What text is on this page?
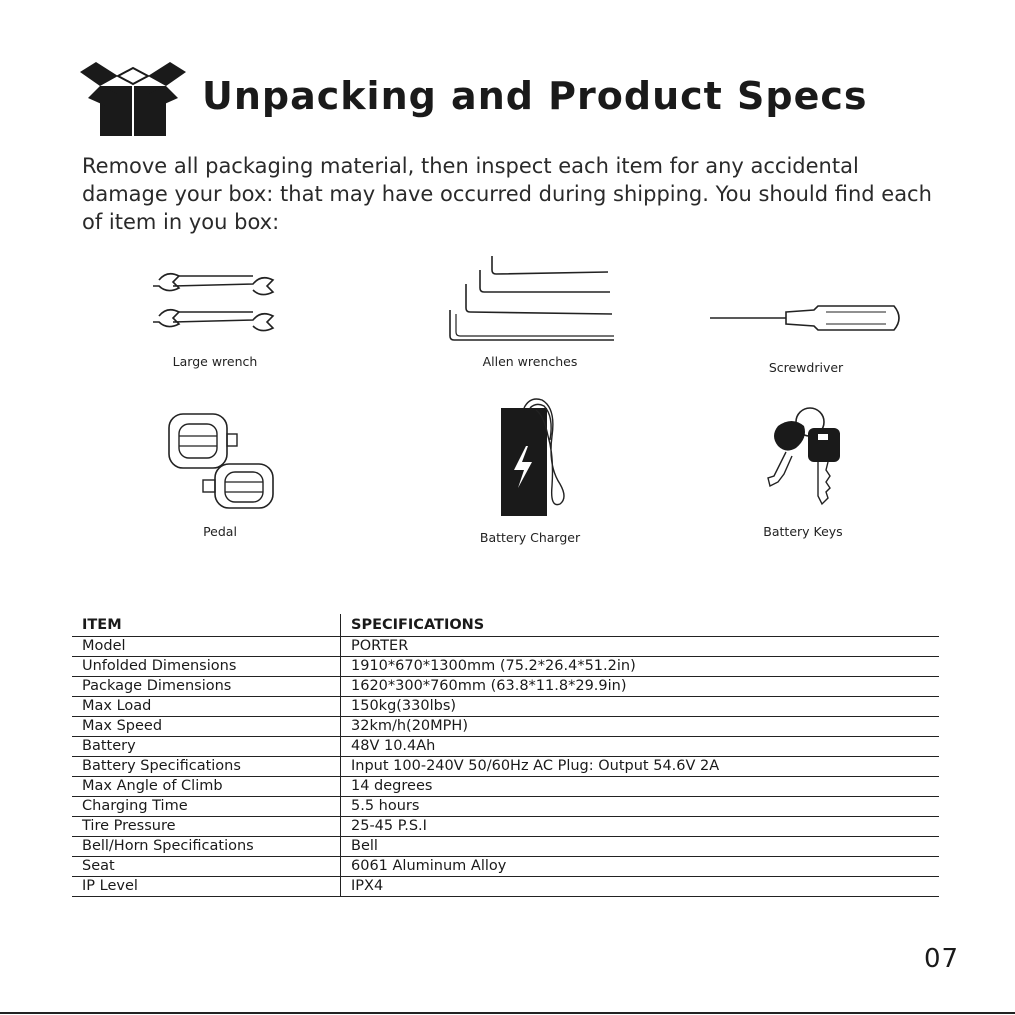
Unpacking and Product Specs
Remove all packaging material, then inspect each item for any accidental damage your box: that may have occurred during shipping. You should find each of item in you box:
Large wrench	Allen wrenches	Screwdriver
Pedal	Battery Charger	Battery Keys
ITEM	SPECIFICATIONS
Model	PORTER
Unfolded Dimensions	1910*670*1300mm (75.2*26.4*51.2in)
Package Dimensions	1620*300*760mm (63.8*11.8*29.9in)
Max Load	150kg(330lbs)
Max Speed	32km/h(20MPH)
Battery	48V 10.4Ah
Battery Specifications	Input 100-240V 50/60Hz AC Plug: Output 54.6V 2A
Max Angle of Climb	14 degrees
Charging Time	5.5 hours
Tire Pressure	25-45 P.S.I
Bell/Horn Specifications	Bell
Seat	6061 Aluminum Alloy
IP Level	IPX4
07
